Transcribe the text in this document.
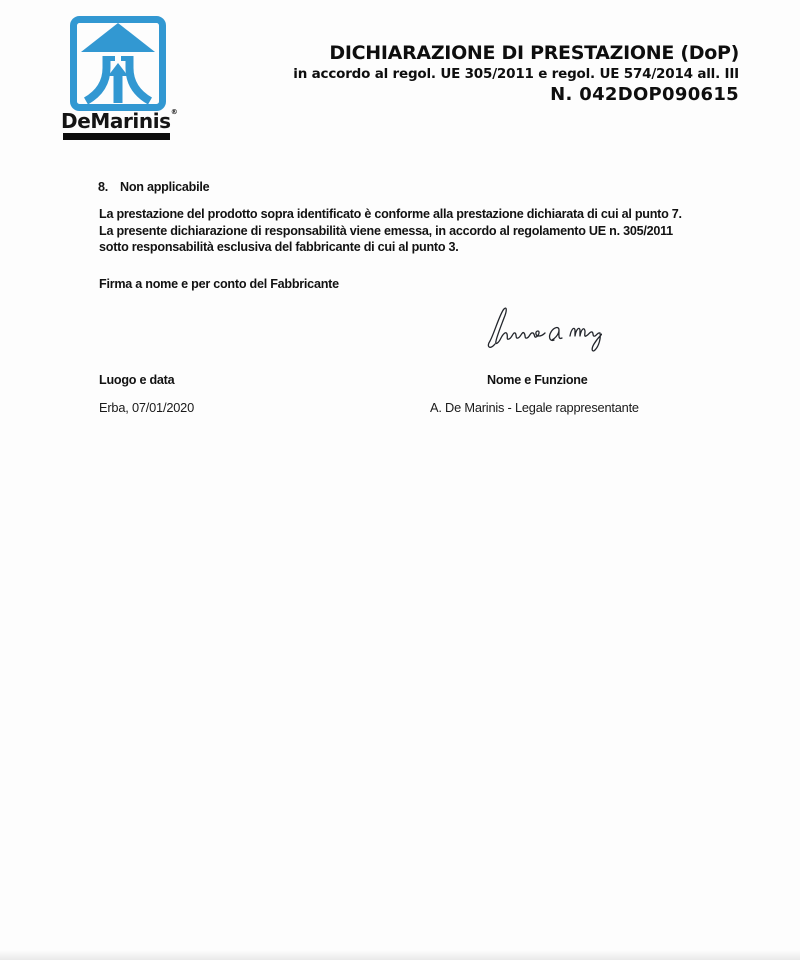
DeMarinis®
DICHIARAZIONE DI PRESTAZIONE (DoP)
in accordo al regol. UE 305/2011 e regol. UE 574/2014 all. III
N. 042DOP090615
8. Non applicabile
La prestazione del prodotto sopra identificato è conforme alla prestazione dichiarata di cui al punto 7.
La presente dichiarazione di responsabilità viene emessa, in accordo al regolamento UE n. 305/2011
sotto responsabilità esclusiva del fabbricante di cui al punto 3.
Firma a nome e per conto del Fabbricante
Luogo e data	Nome e Funzione
Erba, 07/01/2020	A. De Marinis - Legale rappresentante
